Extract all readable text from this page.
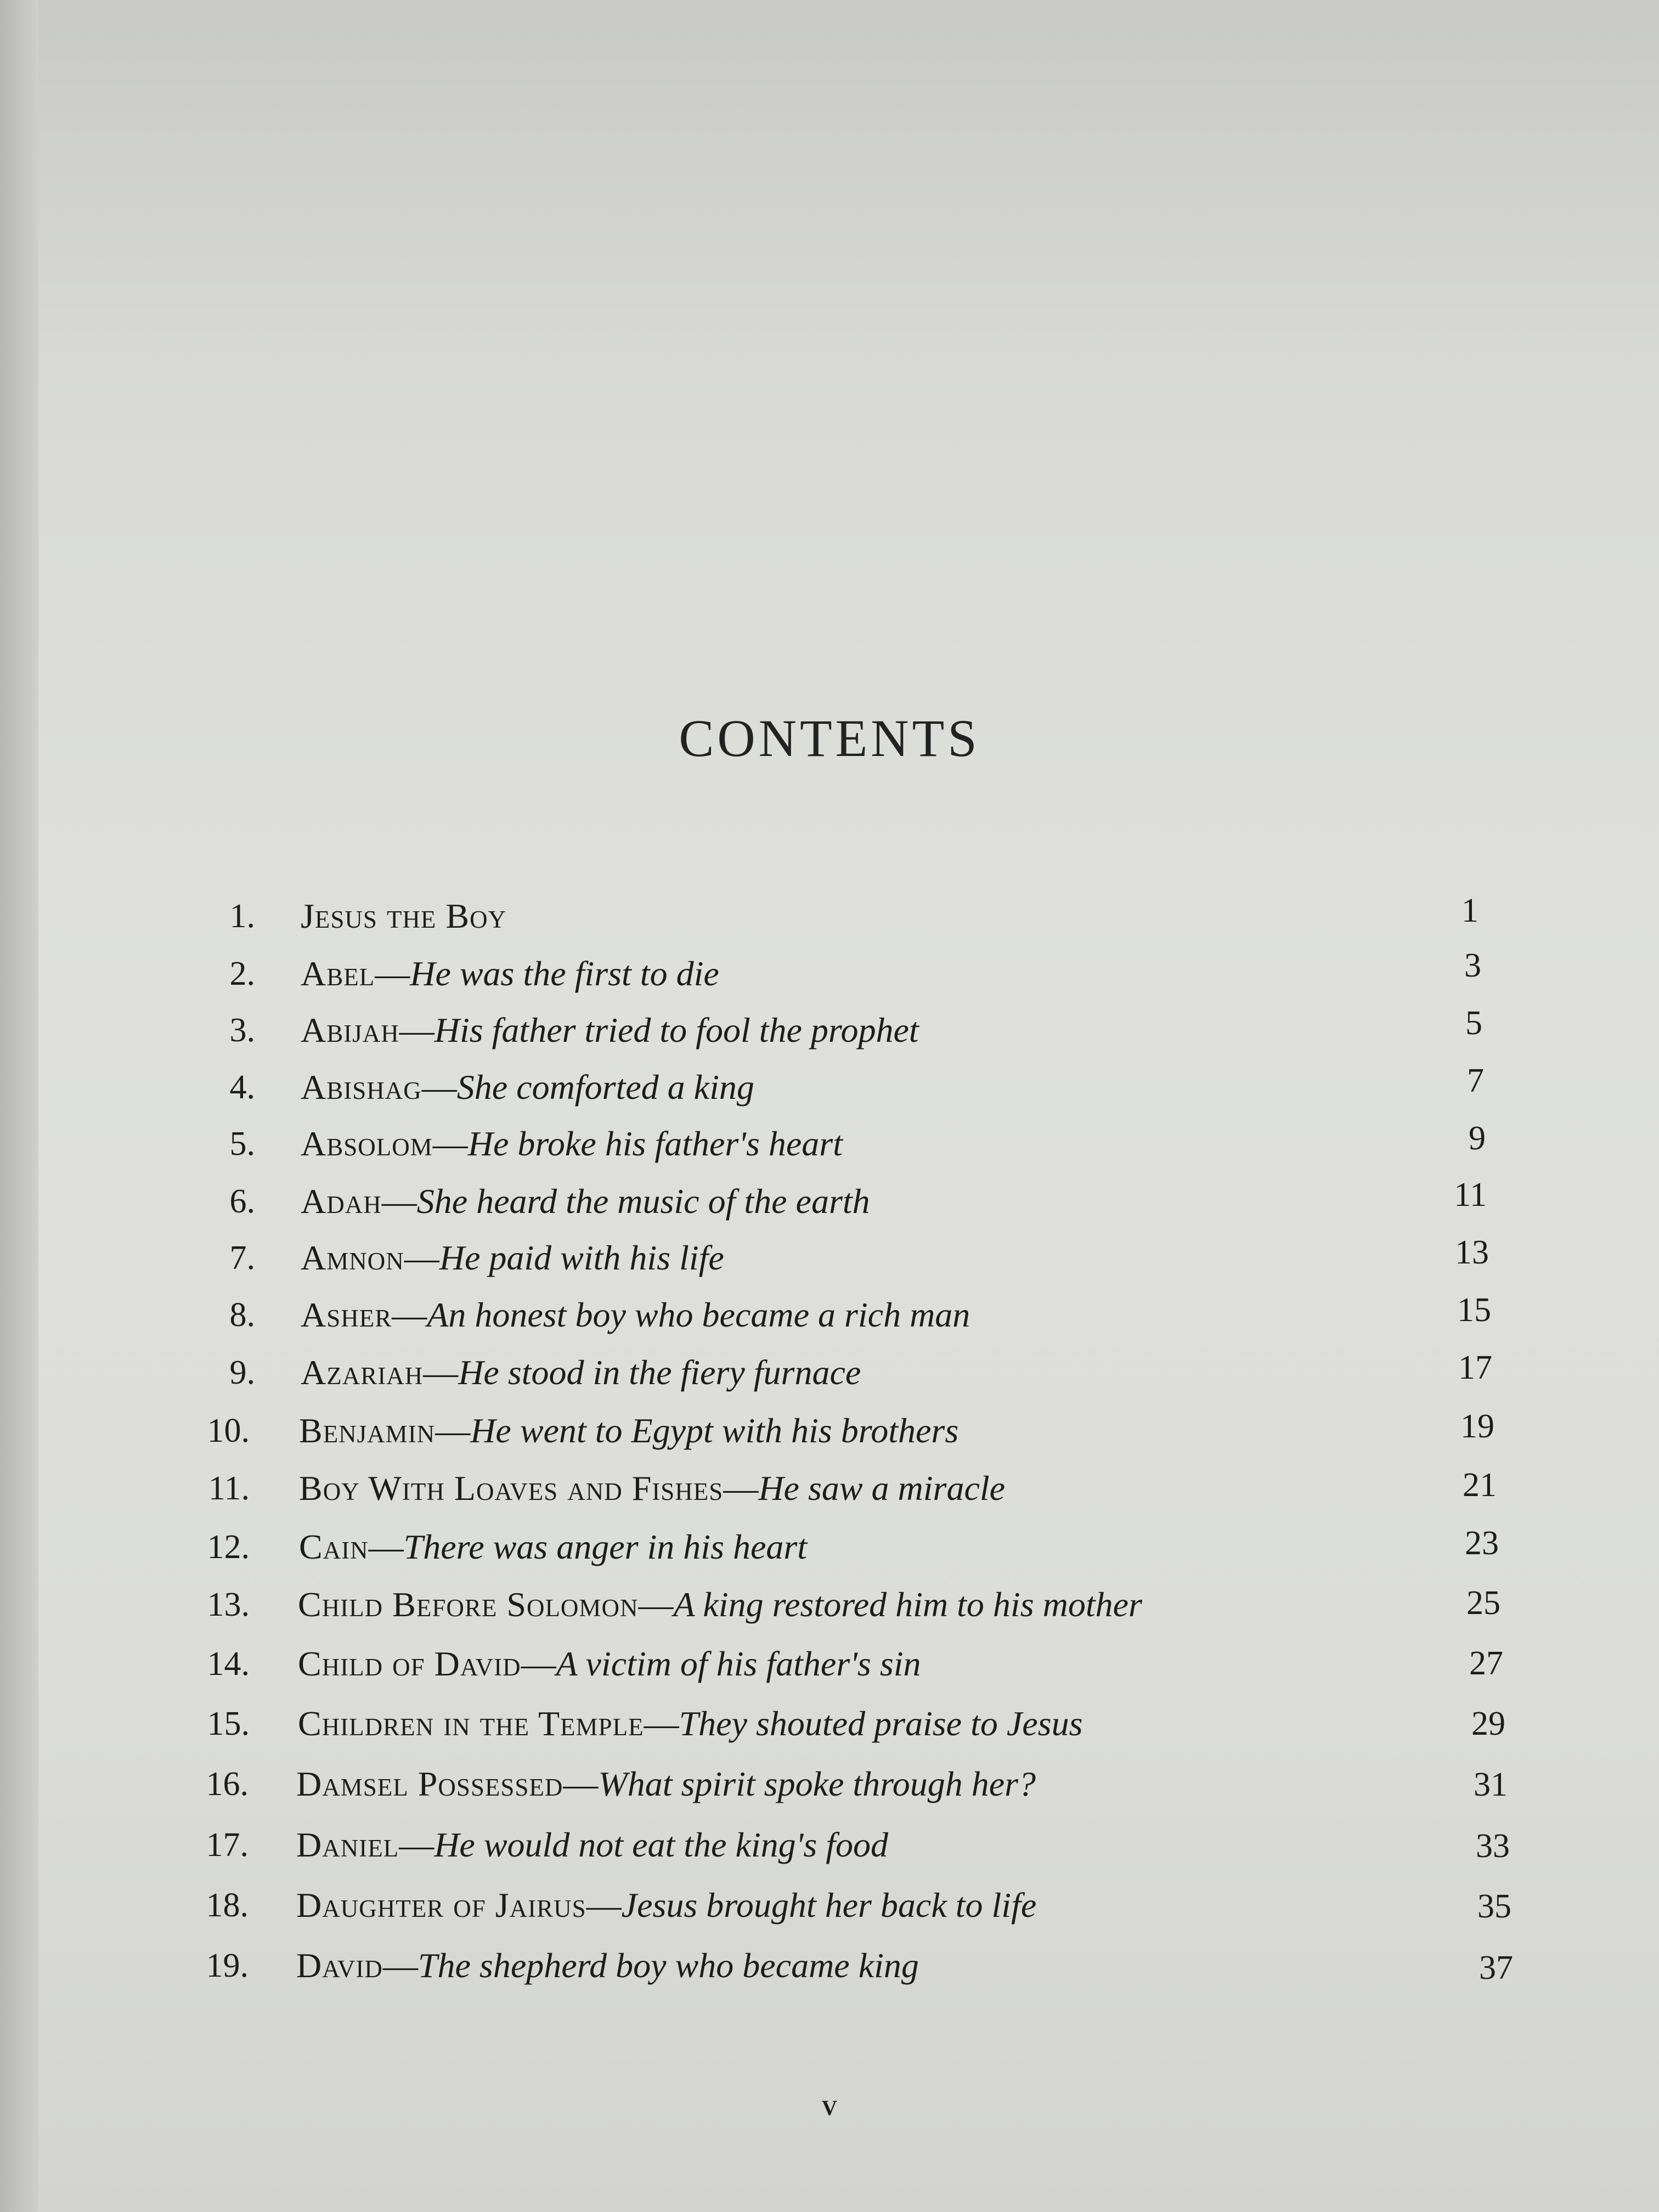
CONTENTS
1. Jesus the Boy	1
2. Abel—He was the first to die	3
3. Abijah—His father tried to fool the prophet	5
4. Abishag—She comforted a king	7
5. Absolom—He broke his father's heart	9
6. Adah—She heard the music of the earth	11
7. Amnon—He paid with his life	13
8. Asher—An honest boy who became a rich man	15
9. Azariah—He stood in the fiery furnace	17
10. Benjamin—He went to Egypt with his brothers	19
11. Boy With Loaves and Fishes—He saw a miracle	21
12. Cain—There was anger in his heart	23
13. Child Before Solomon—A king restored him to his mother	25
14. Child of David—A victim of his father's sin	27
15. Children in the Temple—They shouted praise to Jesus	29
16. Damsel Possessed—What spirit spoke through her?	31
17. Daniel—He would not eat the king's food	33
18. Daughter of Jairus—Jesus brought her back to life	35
19. David—The shepherd boy who became king	37
v
